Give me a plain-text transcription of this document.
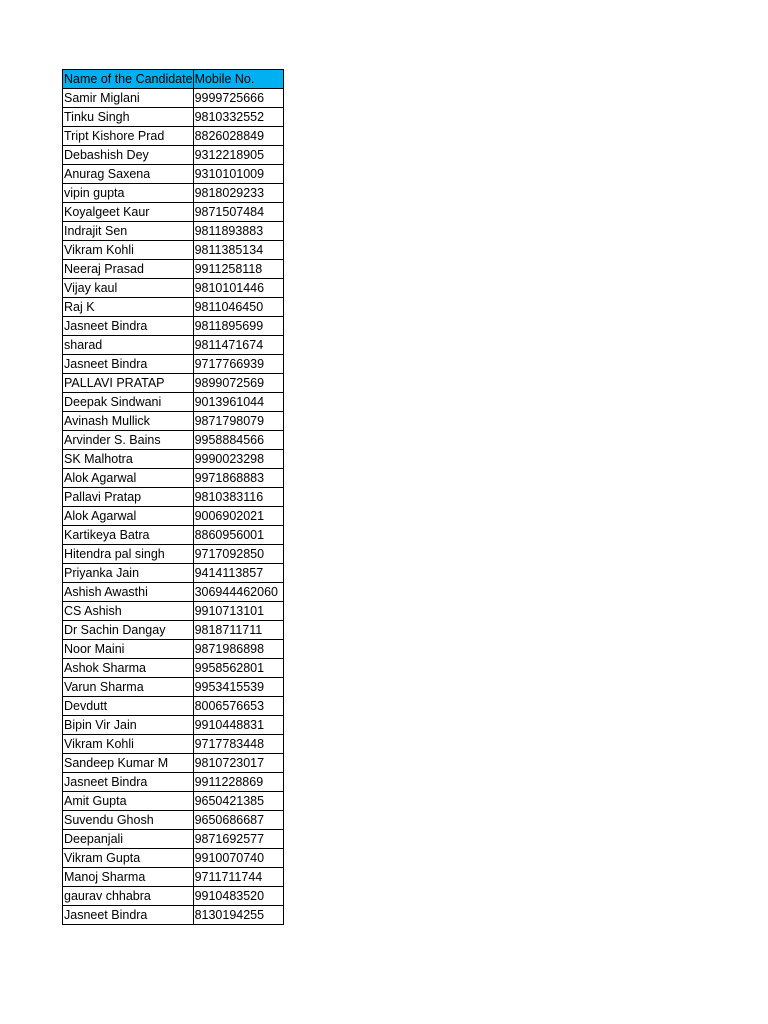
Name of the Candidate	Mobile No.
Samir Miglani	9999725666
Tinku Singh	9810332552
Tript Kishore Prad	8826028849
Debashish Dey	9312218905
Anurag Saxena	9310101009
vipin gupta	9818029233
Koyalgeet Kaur	9871507484
Indrajit Sen	9811893883
Vikram Kohli	9811385134
Neeraj Prasad	9911258118
Vijay kaul	9810101446
Raj K	9811046450
Jasneet Bindra	9811895699
sharad	9811471674
Jasneet Bindra	9717766939
PALLAVI PRATAP	9899072569
Deepak Sindwani	9013961044
Avinash Mullick	9871798079
Arvinder S. Bains	9958884566
SK Malhotra	9990023298
Alok Agarwal	9971868883
Pallavi Pratap	9810383116
Alok Agarwal	9006902021
Kartikeya Batra	8860956001
Hitendra pal singh	9717092850
Priyanka Jain	9414113857
Ashish Awasthi	306944462060
CS Ashish	9910713101
Dr Sachin Dangay	9818711711
Noor Maini	9871986898
Ashok Sharma	9958562801
Varun Sharma	9953415539
Devdutt	8006576653
Bipin Vir Jain	9910448831
Vikram Kohli	9717783448
Sandeep Kumar M	9810723017
Jasneet Bindra	9911228869
Amit Gupta	9650421385
Suvendu Ghosh	9650686687
Deepanjali	9871692577
Vikram Gupta	9910070740
Manoj Sharma	9711711744
gaurav chhabra	9910483520
Jasneet Bindra	8130194255
